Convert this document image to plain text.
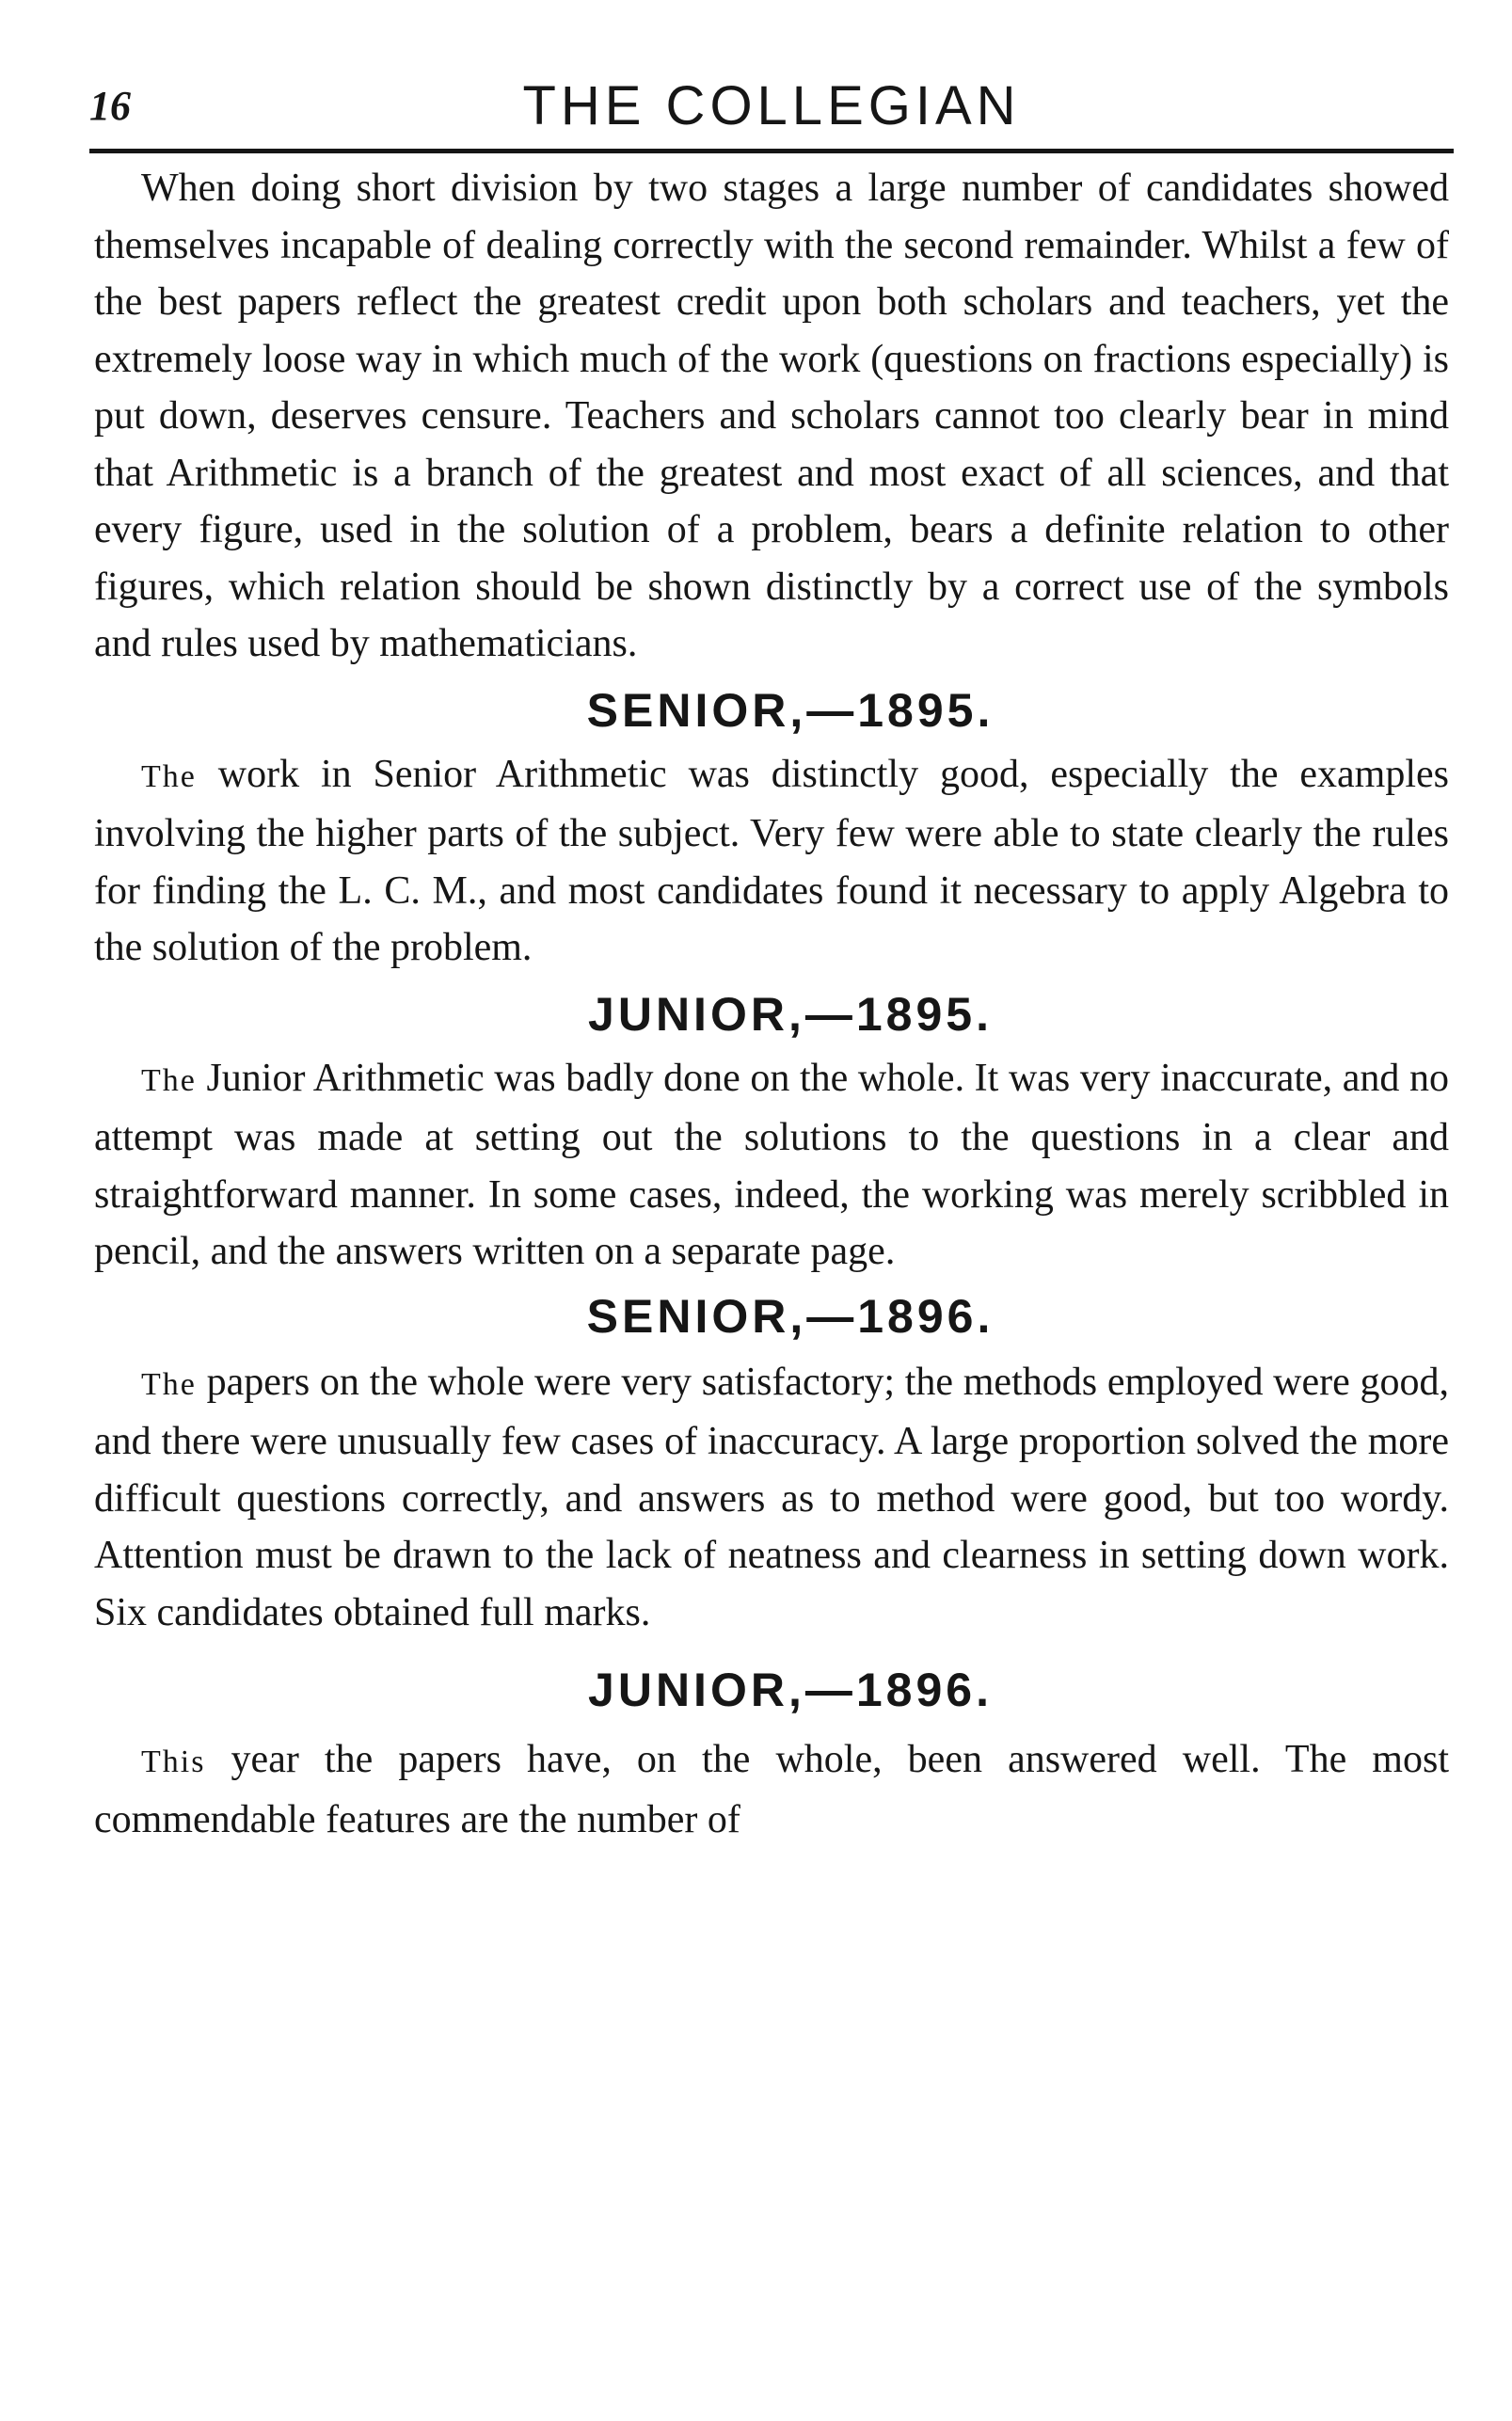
16	THE COLLEGIAN

When doing short division by two stages a large number of candidates showed themselves incapable of dealing correctly with the second remainder. Whilst a few of the best papers reflect the greatest credit upon both scholars and teachers, yet the extremely loose way in which much of the work (questions on fractions especially) is put down, deserves censure. Teachers and scholars cannot too clearly bear in mind that Arithmetic is a branch of the greatest and most exact of all sciences, and that every figure, used in the solution of a problem, bears a definite relation to other figures, which relation should be shown distinctly by a correct use of the symbols and rules used by mathematicians.

SENIOR,—1895.

The work in Senior Arithmetic was distinctly good, especially the examples involving the higher parts of the subject. Very few were able to state clearly the rules for finding the L. C. M., and most candidates found it necessary to apply Algebra to the solution of the problem.

JUNIOR,—1895.

The Junior Arithmetic was badly done on the whole. It was very inaccurate, and no attempt was made at setting out the solutions to the questions in a clear and straightforward manner. In some cases, indeed, the working was merely scribbled in pencil, and the answers written on a separate page.

SENIOR,—1896.

The papers on the whole were very satisfactory; the methods employed were good, and there were unusually few cases of inaccuracy. A large proportion solved the more difficult questions correctly, and answers as to method were good, but too wordy. Attention must be drawn to the lack of neatness and clearness in setting down work. Six candidates obtained full marks.

JUNIOR,—1896.

This year the papers have, on the whole, been answered well. The most commendable features are the number of
